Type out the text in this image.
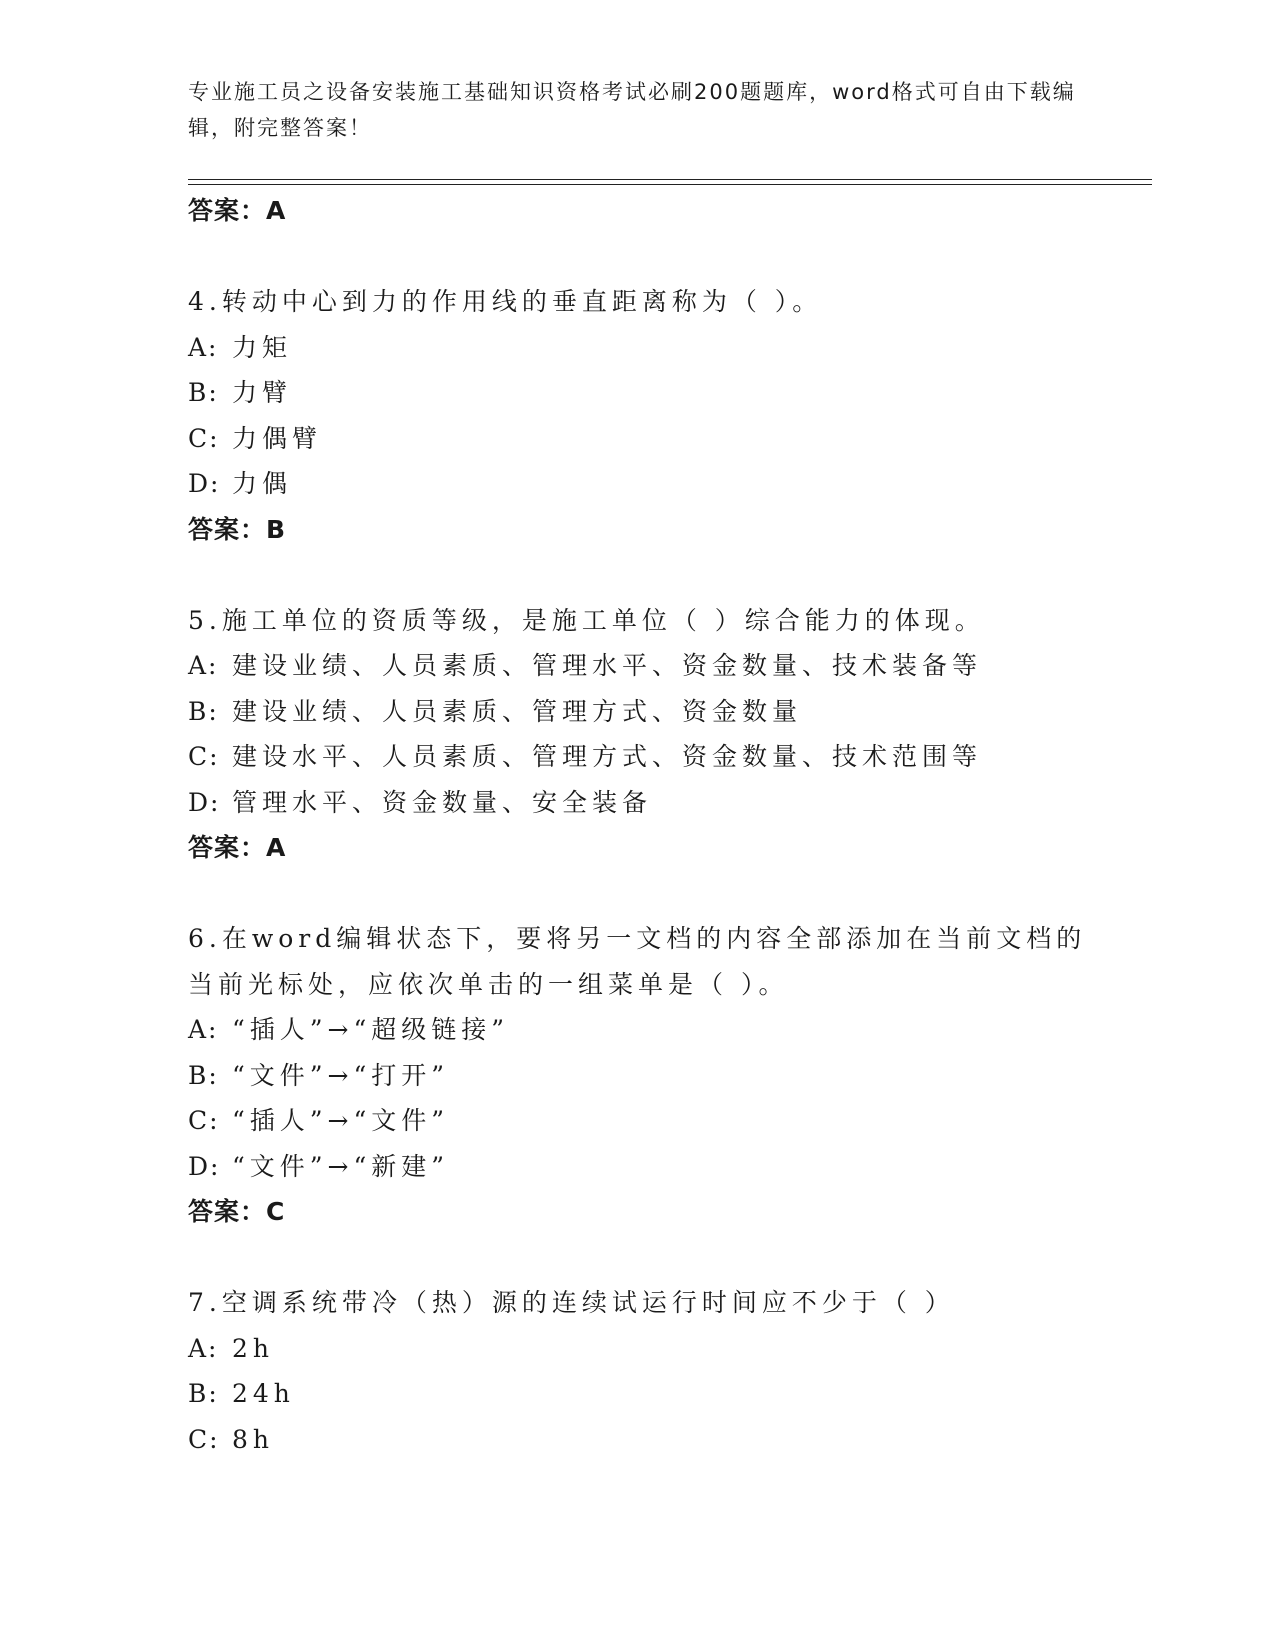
专业施工员之设备安装施工基础知识资格考试必刷200题题库，word格式可自由下载编辑，附完整答案！
答案：A
4.转动中心到力的作用线的垂直距离称为（ ）。
A: 力矩
B: 力臂
C: 力偶臂
D: 力偶
答案：B
5.施工单位的资质等级，是施工单位（ ）综合能力的体现。
A: 建设业绩、人员素质、管理水平、资金数量、技术装备等
B: 建设业绩、人员素质、管理方式、资金数量
C: 建设水平、人员素质、管理方式、资金数量、技术范围等
D: 管理水平、资金数量、安全装备
答案：A
6.在word编辑状态下，要将另一文档的内容全部添加在当前文档的当前光标处，应依次单击的一组菜单是（ ）。
A: “插人”→“超级链接”
B: “文件”→“打开”
C: “插人”→“文件”
D: “文件”→“新建”
答案：C
7.空调系统带冷（热）源的连续试运行时间应不少于（ ）
A: 2h
B: 24h
C: 8h
